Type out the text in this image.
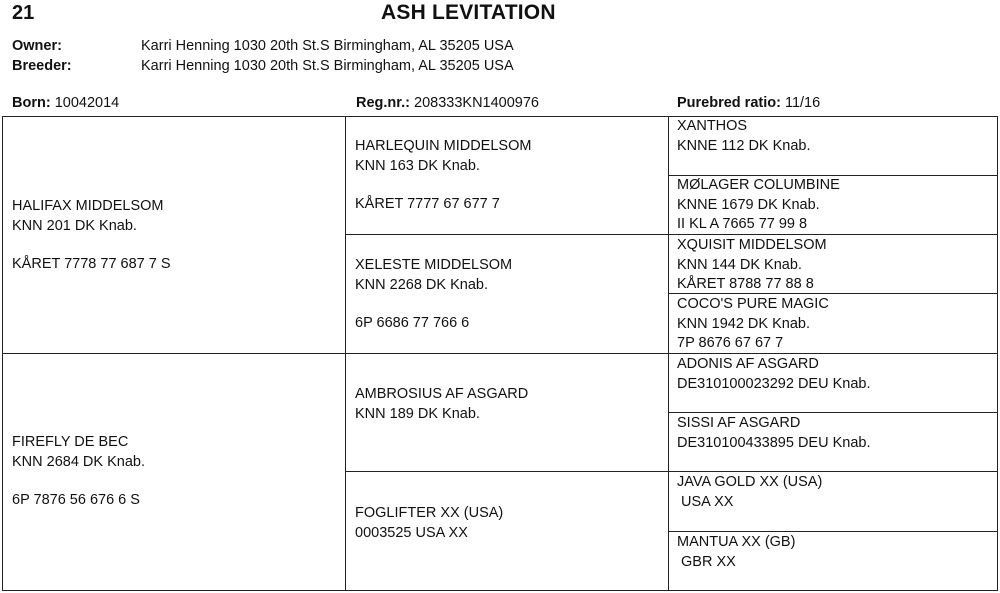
21	ASH LEVITATION
Owner:	Karri Henning 1030 20th St.S Birmingham, AL 35205 USA
Breeder:	Karri Henning 1030 20th St.S Birmingham, AL 35205 USA
Born: 10042014	Reg.nr.: 208333KN1400976	Purebred ratio: 11/16
HALIFAX MIDDELSOM
KNN 201 DK Knab.
KÅRET 7778 77 687 7 S
FIREFLY DE BEC
KNN 2684 DK Knab.
6P 7876 56 676 6 S
HARLEQUIN MIDDELSOM
KNN 163 DK Knab.
KÅRET 7777 67 677 7
XELESTE MIDDELSOM
KNN 2268 DK Knab.
6P 6686 77 766 6
AMBROSIUS AF ASGARD
KNN 189 DK Knab.
FOGLIFTER XX (USA)
0003525 USA XX
XANTHOS
KNNE 112 DK Knab.
MØLAGER COLUMBINE
KNNE 1679 DK Knab.
II KL A 7665 77 99 8
XQUISIT MIDDELSOM
KNN 144 DK Knab.
KÅRET 8788 77 88 8
COCO'S PURE MAGIC
KNN 1942 DK Knab.
7P 8676 67 67 7
ADONIS AF ASGARD
DE310100023292 DEU Knab.
SISSI AF ASGARD
DE310100433895 DEU Knab.
JAVA GOLD XX (USA)
USA XX
MANTUA XX (GB)
GBR XX
